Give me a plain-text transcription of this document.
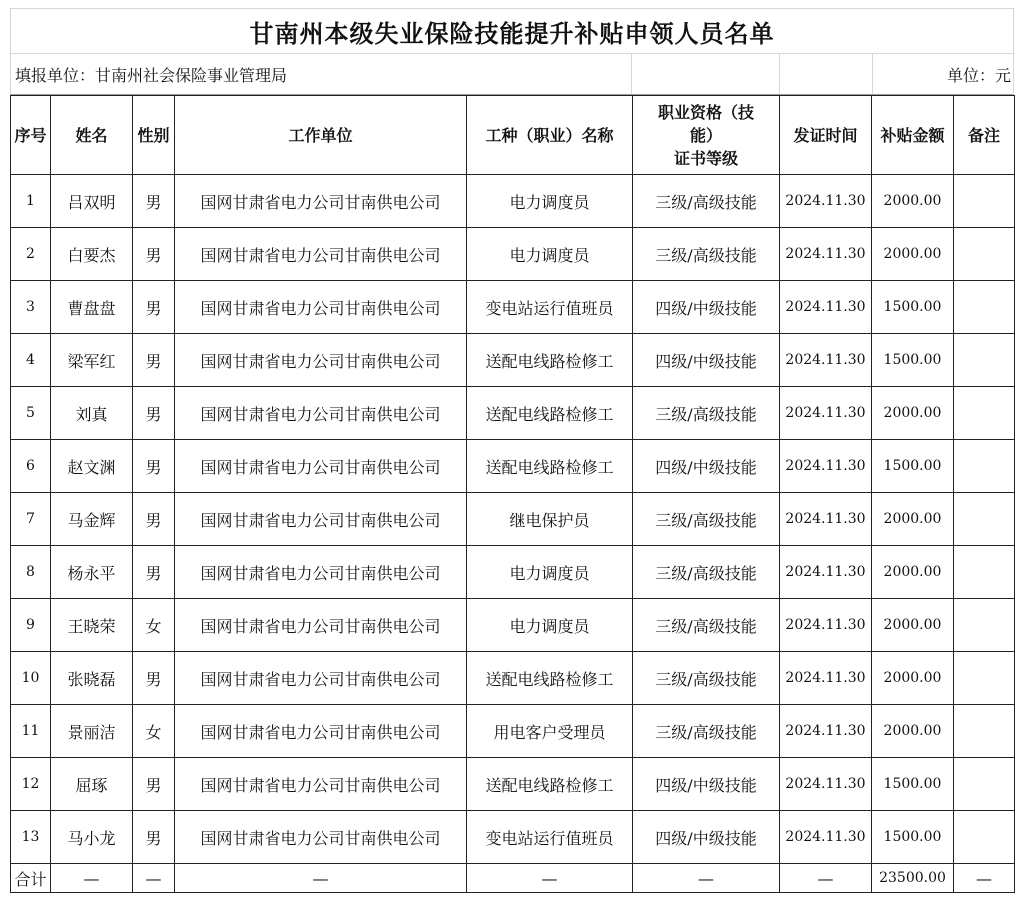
甘南州本级失业保险技能提升补贴申领人员名单
填报单位：甘南州社会保险事业管理局	单位：元
序号	姓名	性别	工作单位	工种（职业）名称	职业资格（技
能）
证书等级	发证时间	补贴金额	备注
1	吕双明	男	国网甘肃省电力公司甘南供电公司	电力调度员	三级/高级技能	2024.11.30	2000.00	
2	白要杰	男	国网甘肃省电力公司甘南供电公司	电力调度员	三级/高级技能	2024.11.30	2000.00	
3	曹盘盘	男	国网甘肃省电力公司甘南供电公司	变电站运行值班员	四级/中级技能	2024.11.30	1500.00	
4	梁军红	男	国网甘肃省电力公司甘南供电公司	送配电线路检修工	四级/中级技能	2024.11.30	1500.00	
5	刘真	男	国网甘肃省电力公司甘南供电公司	送配电线路检修工	三级/高级技能	2024.11.30	2000.00	
6	赵文渊	男	国网甘肃省电力公司甘南供电公司	送配电线路检修工	四级/中级技能	2024.11.30	1500.00	
7	马金辉	男	国网甘肃省电力公司甘南供电公司	继电保护员	三级/高级技能	2024.11.30	2000.00	
8	杨永平	男	国网甘肃省电力公司甘南供电公司	电力调度员	三级/高级技能	2024.11.30	2000.00	
9	王晓荣	女	国网甘肃省电力公司甘南供电公司	电力调度员	三级/高级技能	2024.11.30	2000.00	
10	张晓磊	男	国网甘肃省电力公司甘南供电公司	送配电线路检修工	三级/高级技能	2024.11.30	2000.00	
11	景丽洁	女	国网甘肃省电力公司甘南供电公司	用电客户受理员	三级/高级技能	2024.11.30	2000.00	
12	屈琢	男	国网甘肃省电力公司甘南供电公司	送配电线路检修工	四级/中级技能	2024.11.30	1500.00	
13	马小龙	男	国网甘肃省电力公司甘南供电公司	变电站运行值班员	四级/中级技能	2024.11.30	1500.00	
合计	—	—	—	—	—	—	23500.00	—
